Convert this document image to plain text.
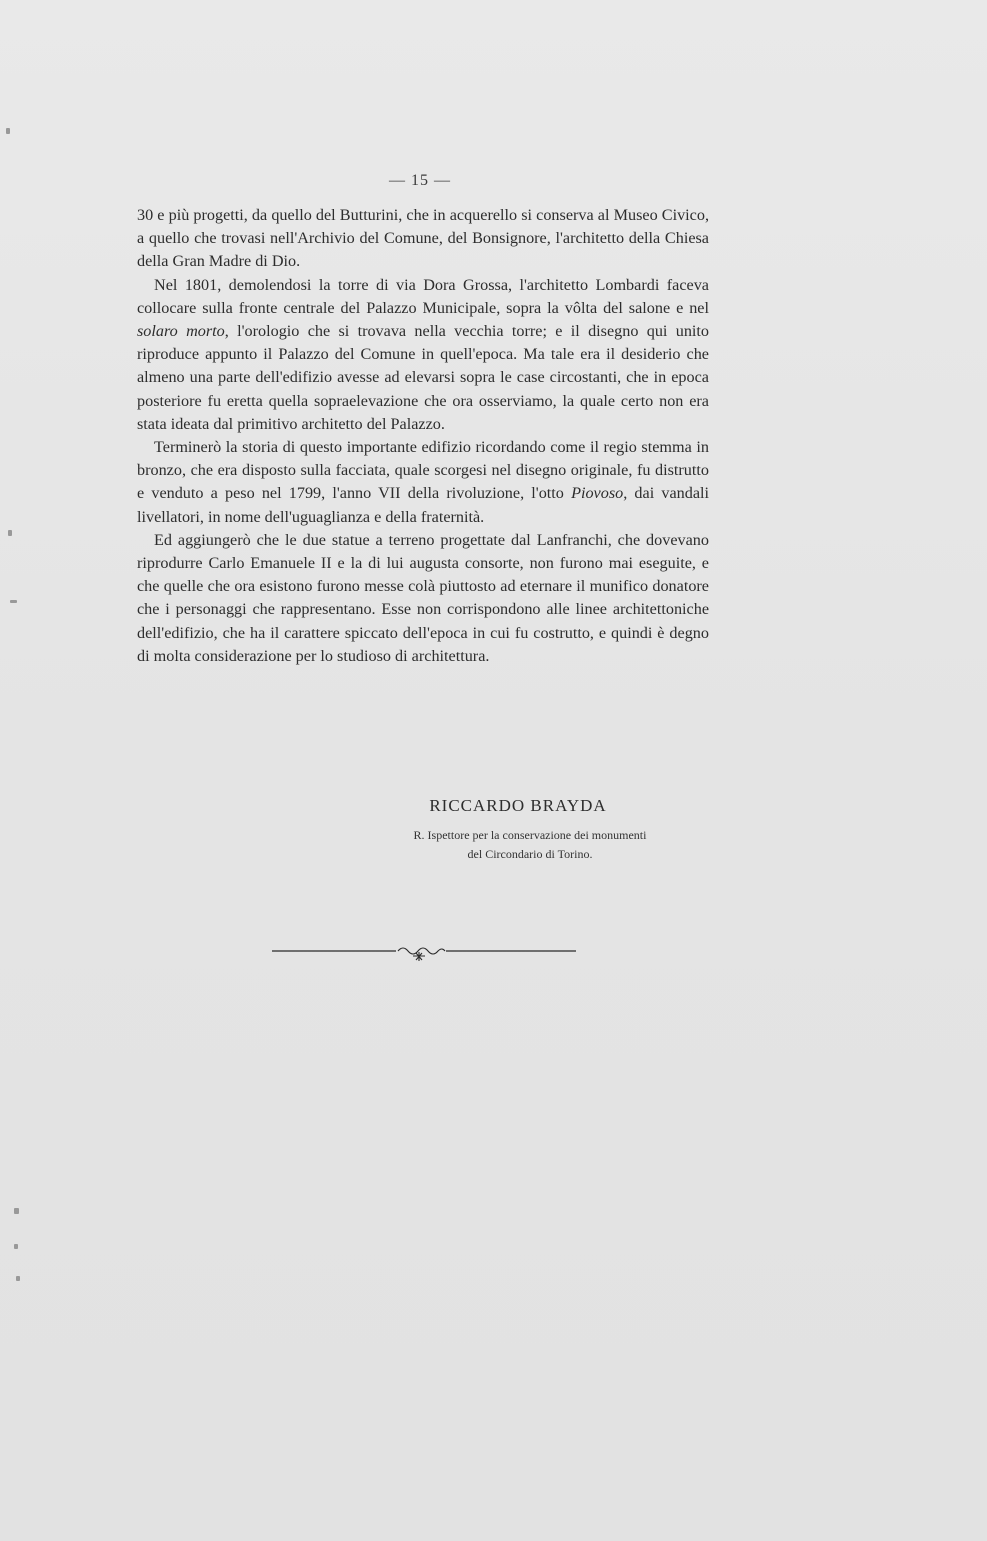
— 15 —

30 e più progetti, da quello del Butturini, che in acquerello si conserva al Museo Civico, a quello che trovasi nell'Archivio del Comune, del Bonsignore, l'architetto della Chiesa della Gran Madre di Dio.

Nel 1801, demolendosi la torre di via Dora Grossa, l'architetto Lombardi faceva collocare sulla fronte centrale del Palazzo Municipale, sopra la vôlta del salone e nel solaro morto, l'orologio che si trovava nella vecchia torre; e il disegno qui unito riproduce appunto il Palazzo del Comune in quell'epoca. Ma tale era il desiderio che almeno una parte dell'edifizio avesse ad elevarsi sopra le case circostanti, che in epoca posteriore fu eretta quella sopraelevazione che ora osserviamo, la quale certo non era stata ideata dal primitivo architetto del Palazzo.

Terminerò la storia di questo importante edifizio ricordando come il regio stemma in bronzo, che era disposto sulla facciata, quale scorgesi nel disegno originale, fu distrutto e venduto a peso nel 1799, l'anno VII della rivoluzione, l'otto Piovoso, dai vandali livellatori, in nome dell'uguaglianza e della fraternità.

Ed aggiungerò che le due statue a terreno progettate dal Lanfranchi, che dovevano riprodurre Carlo Emanuele II e la di lui augusta consorte, non furono mai eseguite, e che quelle che ora esistono furono messe colà piuttosto ad eternare il munifico donatore che i personaggi che rappresentano. Esse non corrispondono alle linee architettoniche dell'edifizio, che ha il carattere spiccato dell'epoca in cui fu costrutto, e quindi è degno di molta considerazione per lo studioso di architettura.

RICCARDO BRAYDA
R. Ispettore per la conservazione dei monumenti
del Circondario di Torino.
